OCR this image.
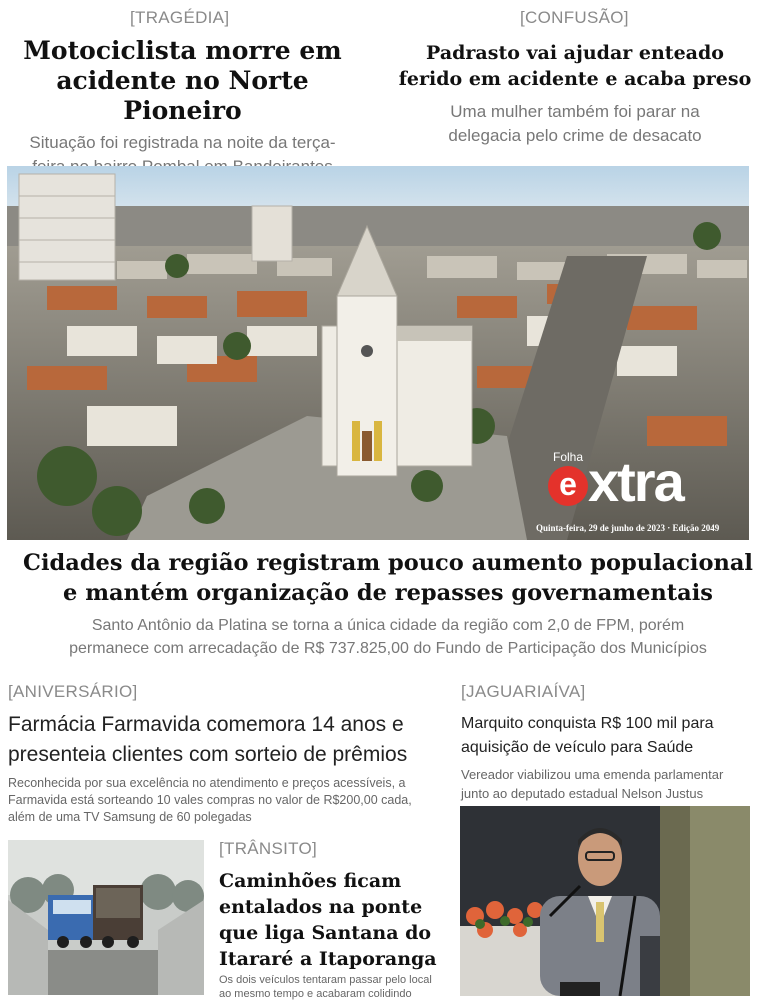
[TRAGÉDIA]
Motociclista morre em
acidente no Norte Pioneiro
Situação foi registrada na noite da terça-
[CONFUSÃO]
Padrasto vai ajudar enteado
ferido em acidente e acaba preso
Uma mulher também foi parar na
delegacia pelo crime de desacato
Folha
e xtra
Quinta-feira, 29 de junho de 2023 · Edição 2049
Cidades da região registram pouco aumento populacional
e mantém organização de repasses governamentais
Santo Antônio da Platina se torna a única cidade da região com 2,0 de FPM, porém
permanece com arrecadação de R$ 737.825,00 do Fundo de Participação dos Municípios
[ANIVERSÁRIO]
Farmácia Farmavida comemora 14 anos e
presenteia clientes com sorteio de prêmios
Reconhecida por sua excelência no atendimento e preços acessíveis, a
Farmavida está sorteando 10 vales compras no valor de R$200,00 cada,
além de uma TV Samsung de 60 polegadas
[JAGUARIAÍVA]
Marquito conquista R$ 100 mil para
aquisição de veículo para Saúde
Vereador viabilizou uma emenda parlamentar
junto ao deputado estadual Nelson Justus
[TRÂNSITO]
Caminhões ficam
entalados na ponte
que liga Santana do
Itararé a Itaporanga
Os dois veículos tentaram passar pelo local
ao mesmo tempo e acabaram colidindo
